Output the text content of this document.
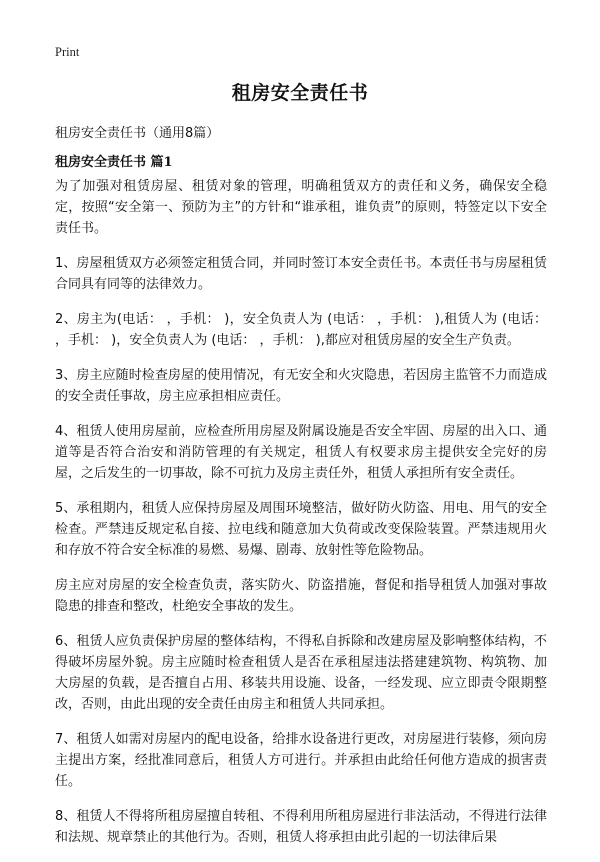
Print
租房安全责任书
租房安全责任书（通用8篇）
租房安全责任书 篇1

为了加强对租赁房屋、租赁对象的管理，明确租赁双方的责任和义务，确保安全稳定，按照“安全第一、预防为主”的方针和“谁承租，谁负责”的原则，特签定以下安全责任书。

1、房屋租赁双方必须签定租赁合同，并同时签订本安全责任书。本责任书与房屋租赁合同具有同等的法律效力。

2、房主为(电话： ，手机： )，安全负责人为 (电话： ，手机： ),租赁人为 (电话： ，手机： )，安全负责人为 (电话： ，手机： ),都应对租赁房屋的安全生产负责。

3、房主应随时检查房屋的使用情况，有无安全和火灾隐患，若因房主监管不力而造成的安全责任事故，房主应承担相应责任。

4、租赁人使用房屋前，应检查所用房屋及附属设施是否安全牢固、房屋的出入口、通道等是否符合治安和消防管理的有关规定，租赁人有权要求房主提供安全完好的房屋，之后发生的一切事故，除不可抗力及房主责任外，租赁人承担所有安全责任。

5、承租期内，租赁人应保持房屋及周围环境整洁，做好防火防盗、用电、用气的安全检查。严禁违反规定私自接、拉电线和随意加大负荷或改变保险装置。严禁违规用火和存放不符合安全标准的易燃、易爆、剧毒、放射性等危险物品。

房主应对房屋的安全检查负责，落实防火、防盗措施，督促和指导租赁人加强对事故隐患的排查和整改，杜绝安全事故的发生。

6、租赁人应负责保护房屋的整体结构，不得私自拆除和改建房屋及影响整体结构，不得破坏房屋外貌。房主应随时检查租赁人是否在承租屋违法搭建建筑物、构筑物、加大房屋的负载，是否擅自占用、移装共用设施、设备，一经发现、应立即责令限期整改，否则，由此出现的安全责任由房主和租赁人共同承担。

7、租赁人如需对房屋内的配电设备，给排水设备进行更改，对房屋进行装修，须向房主提出方案，经批准同意后，租赁人方可进行。并承担由此给任何他方造成的损害责任。

8、租赁人不得将所租房屋擅自转租、不得利用所租房屋进行非法活动，不得进行法律和法规、规章禁止的其他行为。否则，租赁人将承担由此引起的一切法律后果
